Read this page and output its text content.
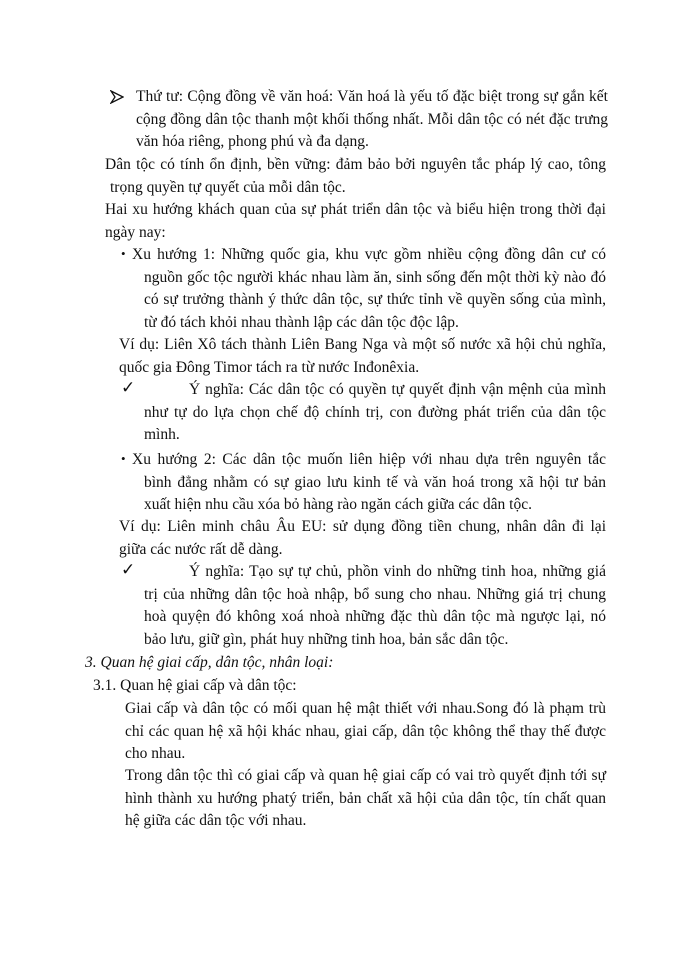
Thứ tư: Cộng đồng về văn hoá: Văn hoá là yếu tố đặc biệt trong sự gắn kết
cộng đồng dân tộc thanh một khối thống nhất. Mỗi dân tộc có nét đặc trưng
văn hóa riêng, phong phú và đa dạng.
Dân tộc có tính ổn định, bền vững: đảm bảo bởi nguyên tắc pháp lý cao, tông
trọng quyền tự quyết của mỗi dân tộc.
Hai xu hướng khách quan của sự phát triển dân tộc và biểu hiện trong thời đại
ngày nay:
• Xu hướng 1: Những quốc gia, khu vực gồm nhiều cộng đồng dân cư có
nguồn gốc tộc người khác nhau làm ăn, sinh sống đến một thời kỳ nào đó
có sự trưởng thành ý thức dân tộc, sự thức tỉnh về quyền sống của mình,
từ đó tách khỏi nhau thành lập các dân tộc độc lập.
Ví dụ: Liên Xô tách thành Liên Bang Nga và một số nước xã hội chủ nghĩa,
quốc gia Đông Timor tách ra từ nước Inđonêxia.
✓	Ý nghĩa: Các dân tộc có quyền tự quyết định vận mệnh của mình
như tự do lựa chọn chế độ chính trị, con đường phát triển của dân tộc
mình.
• Xu hướng 2: Các dân tộc muốn liên hiệp với nhau dựa trên nguyên tắc
bình đẳng nhằm có sự giao lưu kinh tế và văn hoá trong xã hội tư bản
xuất hiện nhu cầu xóa bỏ hàng rào ngăn cách giữa các dân tộc.
Ví dụ: Liên minh châu Âu EU: sử dụng đồng tiền chung, nhân dân đi lại
giữa các nước rất dễ dàng.
✓	Ý nghĩa: Tạo sự tự chủ, phồn vinh do những tinh hoa, những giá
trị của những dân tộc hoà nhập, bổ sung cho nhau. Những giá trị chung
hoà quyện đó không xoá nhoà những đặc thù dân tộc mà ngược lại, nó
bảo lưu, giữ gìn, phát huy những tinh hoa, bản sắc dân tộc.
3. Quan hệ giai cấp, dân tộc, nhân loại:
3.1. Quan hệ giai cấp và dân tộc:
Giai cấp và dân tộc có mối quan hệ mật thiết với nhau.Song đó là phạm trù
chỉ các quan hệ xã hội khác nhau, giai cấp, dân tộc không thể thay thế được
cho nhau.
Trong dân tộc thì có giai cấp và quan hệ giai cấp có vai trò quyết định tới sự
hình thành xu hướng phatý triển, bản chất xã hội của dân tộc, tín chất quan
hệ giữa các dân tộc với nhau.
